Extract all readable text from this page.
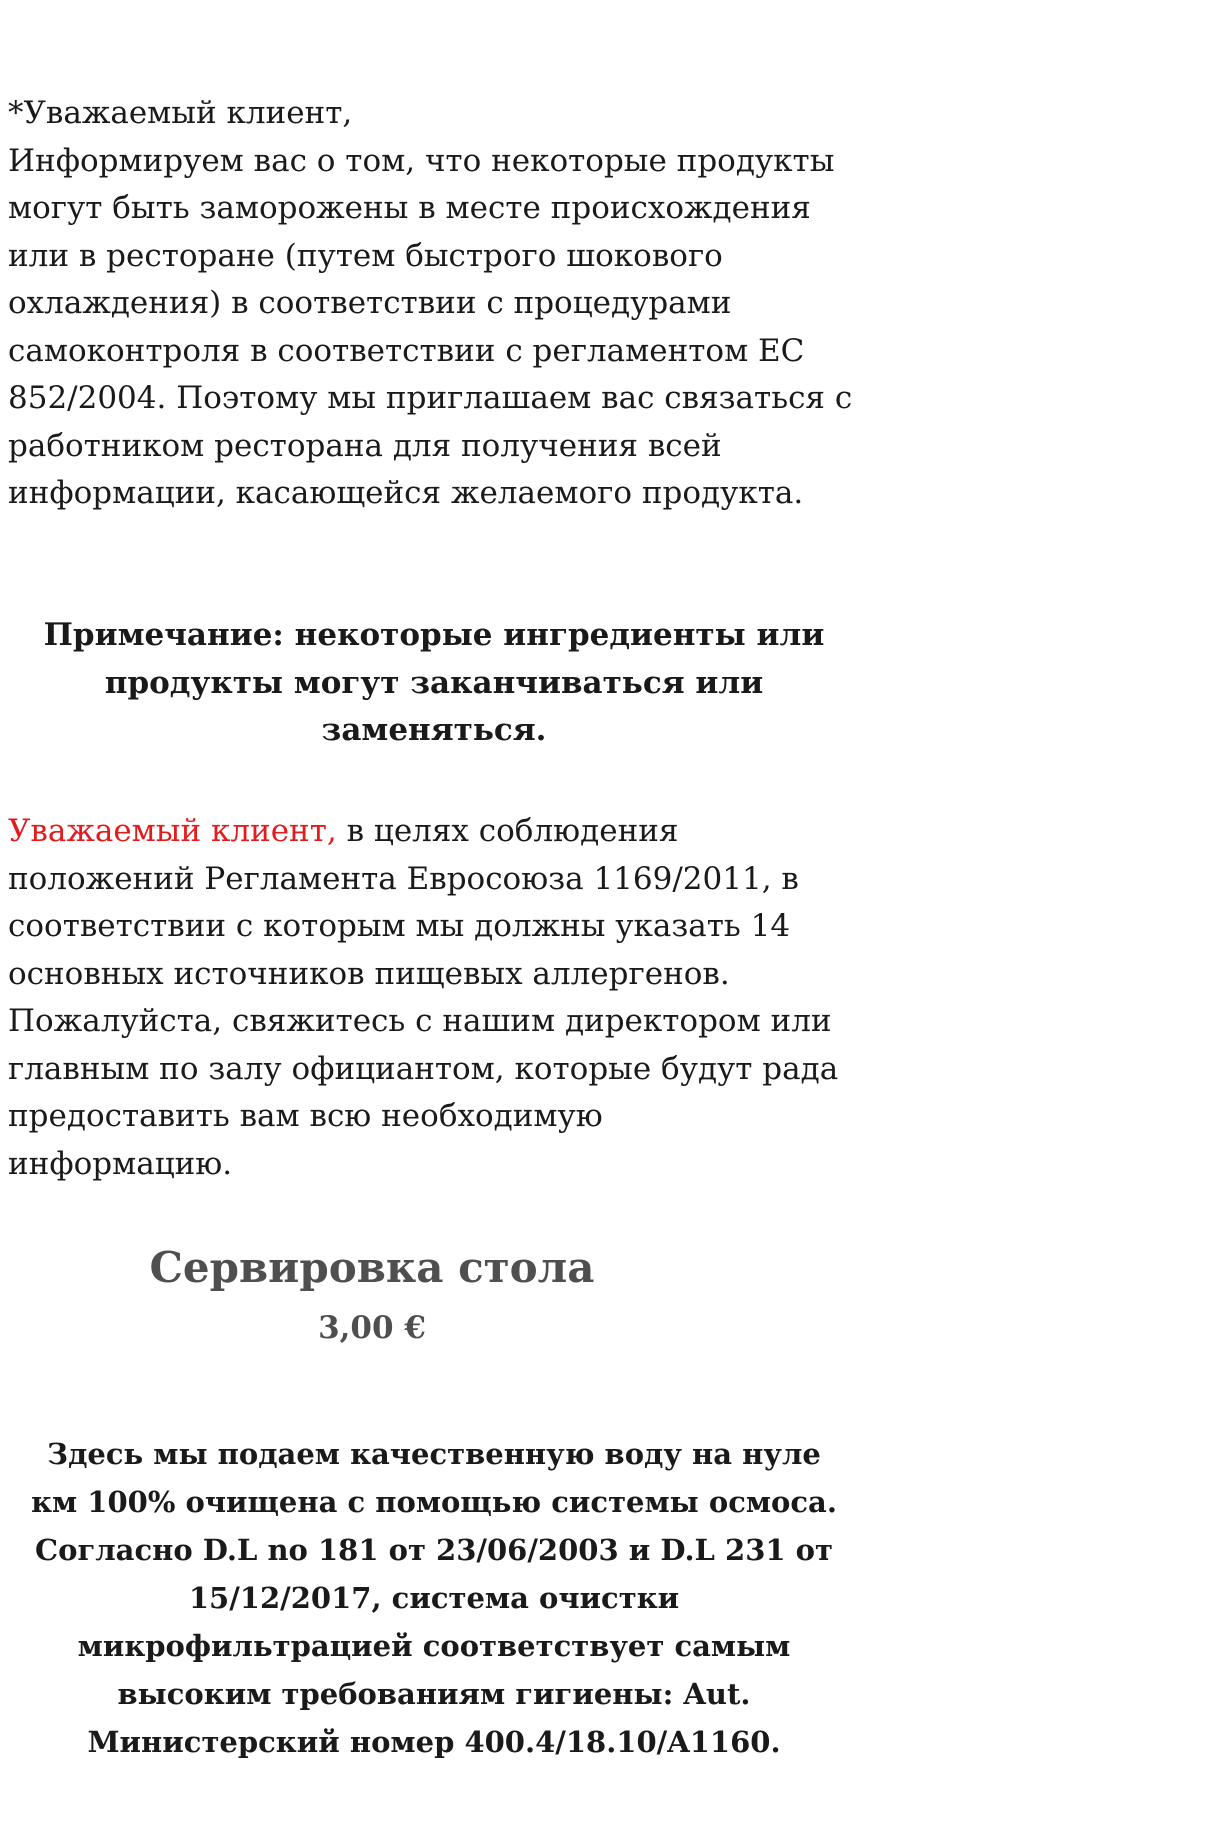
*Уважаемый клиент,
Информируем вас о том, что некоторые продукты
могут быть заморожены в месте происхождения
или в ресторане (путем быстрого шокового
охлаждения) в соответствии с процедурами
самоконтроля в соответствии с регламентом ЕС
852/2004. Поэтому мы приглашаем вас связаться с
работником ресторана для получения всей
информации, касающейся желаемого продукта.
Примечание: некоторые ингредиенты или
продукты могут заканчиваться или
заменяться.
Уважаемый клиент, в целях соблюдения
положений Регламента Евросоюза 1169/2011, в
соответствии с которым мы должны указать 14
основных источников пищевых аллергенов.
Пожалуйста, свяжитесь с нашим директором или
главным по залу официантом, которые будут рада
предоставить вам всю необходимую
информацию.
Сервировка стола
3,00 €
Здесь мы подаем качественную воду на нуле
км 100% очищена с помощью системы осмоса.
Согласно D.L no 181 от 23/06/2003 и D.L 231 от
15/12/2017, система очистки
микрофильтрацией соответствует самым
высоким требованиям гигиены: Aut.
Министерский номер 400.4/18.10/A1160.
